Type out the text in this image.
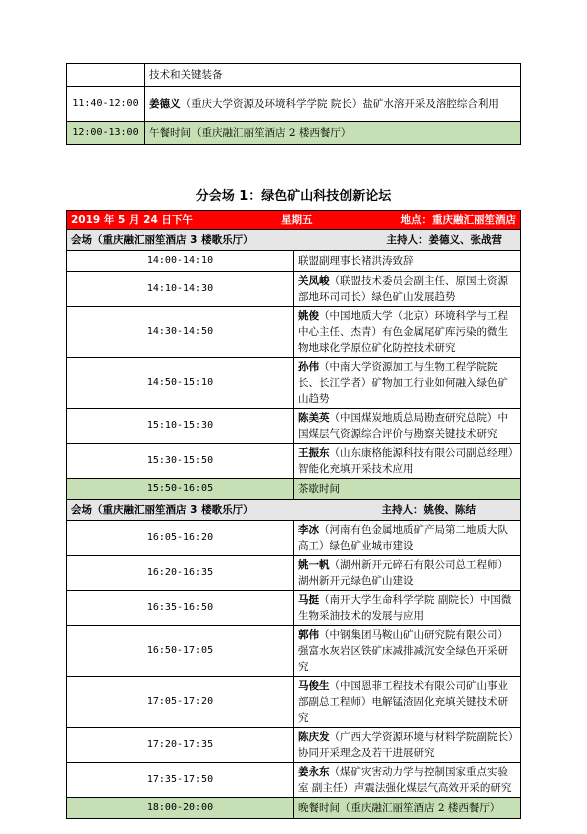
	技术和关键装备
11:40-12:00	姜德义（重庆大学资源及环境科学学院 院长）盐矿水溶开采及溶腔综合利用
12:00-13:00	午餐时间（重庆融汇丽笙酒店 2 楼西餐厅）
分会场 1：绿色矿山科技创新论坛
2019 年 5 月 24 日下午 星期五 地点：重庆融汇丽笙酒店	

会场（重庆融汇丽笙酒店 3 楼歌乐厅） 主持人：姜德义、张战营	

14:00-14:10	联盟副理事长褚洪涛致辞
14:10-14:30	关凤峻（联盟技术委员会副主任、原国土资源部地环司司长）绿色矿山发展趋势
14:30-14:50	姚俊（中国地质大学（北京）环境科学与工程中心主任、杰青）有色金属尾矿库污染的微生物地球化学原位矿化防控技术研究
14:50-15:10	孙伟（中南大学资源加工与生物工程学院院长、长江学者）矿物加工行业如何融入绿色矿山趋势
15:10-15:30	陈美英（中国煤炭地质总局勘查研究总院）中国煤层气资源综合评价与勘察关键技术研究
15:30-15:50	王振东（山东康格能源科技有限公司副总经理）智能化充填开采技术应用
15:50-16:05	茶歇时间

会场（重庆融汇丽笙酒店 3 楼歌乐厅） 主持人：姚俊、陈结	

16:05-16:20	李冰（河南有色金属地质矿产局第二地质大队高工）绿色矿业城市建设
16:20-16:35	姚一帆（湖州新开元碎石有限公司总工程师）湖州新开元绿色矿山建设
16:35-16:50	马挺（南开大学生命科学学院 副院长）中国微生物采油技术的发展与应用
16:50-17:05	郭伟（中钢集团马鞍山矿山研究院有限公司）强富水灰岩区铁矿床减排减沉安全绿色开采研究
17:05-17:20	马俊生（中国恩菲工程技术有限公司矿山事业部副总工程师）电解锰渣固化充填关键技术研究
17:20-17:35	陈庆发（广西大学资源环境与材料学院副院长）协同开采理念及若干进展研究
17:35-17:50	姜永东（煤矿灾害动力学与控制国家重点实验室 副主任）声震法强化煤层气高效开采的研究
18:00-20:00	晚餐时间（重庆融汇丽笙酒店 2 楼西餐厅）
